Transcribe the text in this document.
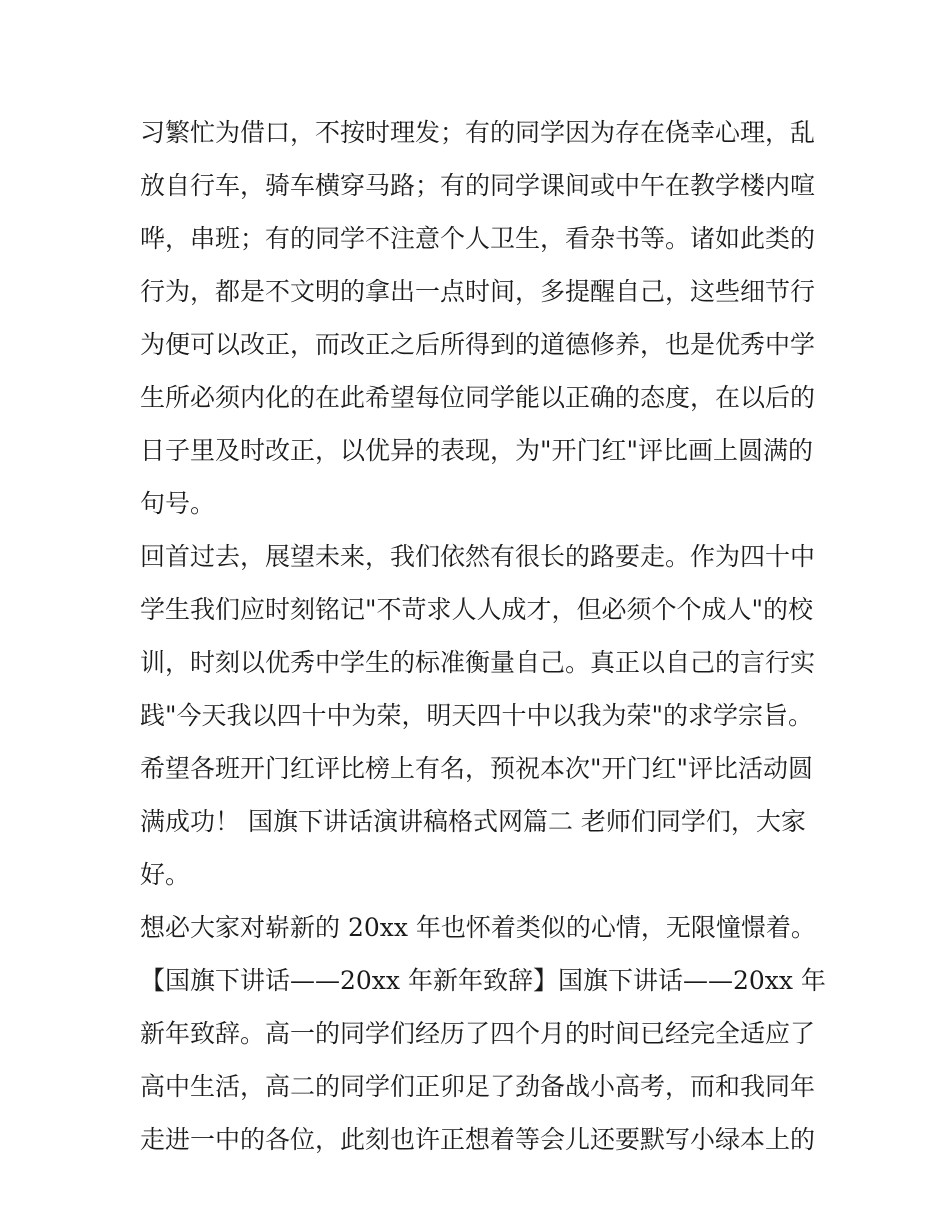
习繁忙为借口，不按时理发；有的同学因为存在侥幸心理，乱
放自行车，骑车横穿马路；有的同学课间或中午在教学楼内喧
哗，串班；有的同学不注意个人卫生，看杂书等。诸如此类的
行为，都是不文明的拿出一点时间，多提醒自己，这些细节行
为便可以改正，而改正之后所得到的道德修养，也是优秀中学
生所必须内化的在此希望每位同学能以正确的态度，在以后的
日子里及时改正，以优异的表现，为"开门红"评比画上圆满的
句号。
回首过去，展望未来，我们依然有很长的路要走。作为四十中
学生我们应时刻铭记"不苛求人人成才，但必须个个成人"的校
训，时刻以优秀中学生的标准衡量自己。真正以自己的言行实
践"今天我以四十中为荣，明天四十中以我为荣"的求学宗旨。
希望各班开门红评比榜上有名，预祝本次"开门红"评比活动圆
满成功！ 国旗下讲话演讲稿格式网篇二 老师们同学们，大家
好。
想必大家对崭新的 20xx 年也怀着类似的心情，无限憧憬着。
【国旗下讲话——20xx 年新年致辞】国旗下讲话——20xx 年
新年致辞。高一的同学们经历了四个月的时间已经完全适应了
高中生活，高二的同学们正卯足了劲备战小高考，而和我同年
走进一中的各位，此刻也许正想着等会儿还要默写小绿本上的
